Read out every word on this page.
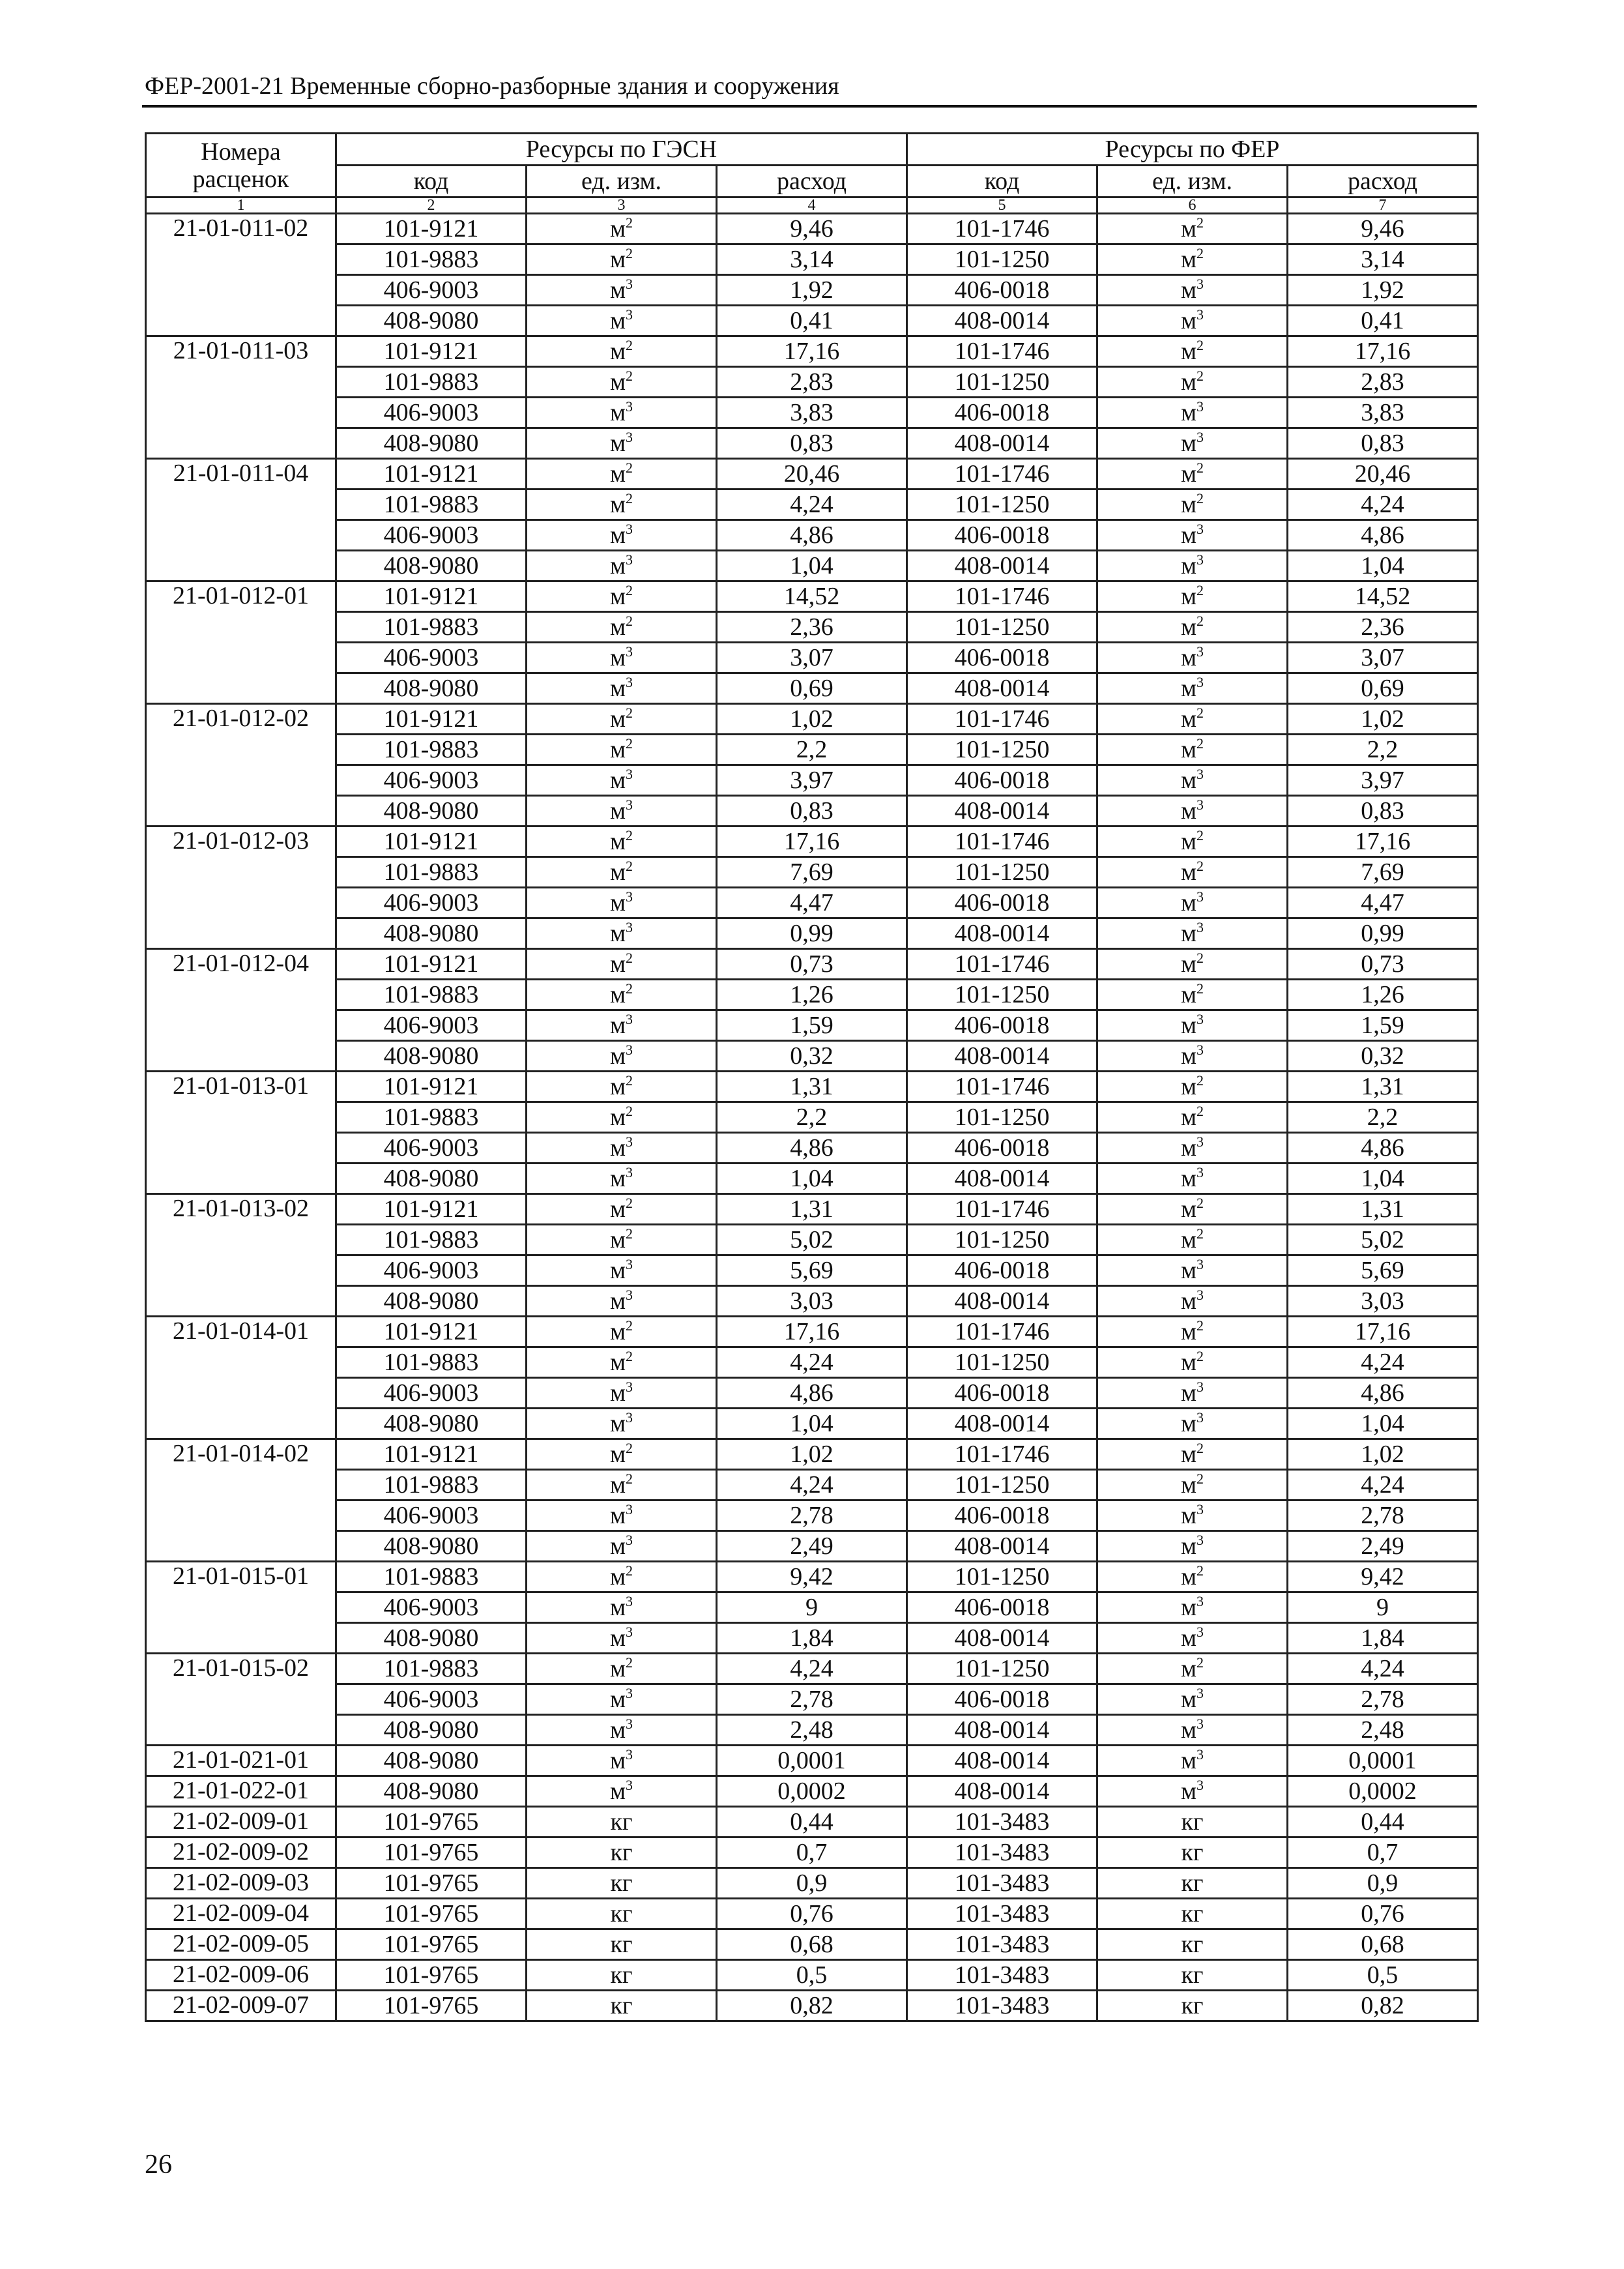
ФЕР-2001-21 Временные сборно-разборные здания и сооружения
Номера
расценок	Ресурсы по ГЭСН			Ресурсы по ФЕР		
	код	ед. изм.	расход	код	ед. изм.	расход
1	2	3	4	5	6	7
21-01-011-02	101-9121	$м^2$	9,46	101-1746	$м^2$	9,46
	101-9883	$м^2$	3,14	101-1250	$м^2$	3,14
	406-9003	$м^3$	1,92	406-0018	$м^3$	1,92
	408-9080	$м^3$	0,41	408-0014	$м^3$	0,41
21-01-011-03	101-9121	$м^2$	17,16	101-1746	$м^2$	17,16
	101-9883	$м^2$	2,83	101-1250	$м^2$	2,83
	406-9003	$м^3$	3,83	406-0018	$м^3$	3,83
	408-9080	$м^3$	0,83	408-0014	$м^3$	0,83
21-01-011-04	101-9121	$м^2$	20,46	101-1746	$м^2$	20,46
	101-9883	$м^2$	4,24	101-1250	$м^2$	4,24
	406-9003	$м^3$	4,86	406-0018	$м^3$	4,86
	408-9080	$м^3$	1,04	408-0014	$м^3$	1,04
21-01-012-01	101-9121	$м^2$	14,52	101-1746	$м^2$	14,52
	101-9883	$м^2$	2,36	101-1250	$м^2$	2,36
	406-9003	$м^3$	3,07	406-0018	$м^3$	3,07
	408-9080	$м^3$	0,69	408-0014	$м^3$	0,69
21-01-012-02	101-9121	$м^2$	1,02	101-1746	$м^2$	1,02
	101-9883	$м^2$	2,2	101-1250	$м^2$	2,2
	406-9003	$м^3$	3,97	406-0018	$м^3$	3,97
	408-9080	$м^3$	0,83	408-0014	$м^3$	0,83
21-01-012-03	101-9121	$м^2$	17,16	101-1746	$м^2$	17,16
	101-9883	$м^2$	7,69	101-1250	$м^2$	7,69
	406-9003	$м^3$	4,47	406-0018	$м^3$	4,47
	408-9080	$м^3$	0,99	408-0014	$м^3$	0,99
21-01-012-04	101-9121	$м^2$	0,73	101-1746	$м^2$	0,73
	101-9883	$м^2$	1,26	101-1250	$м^2$	1,26
	406-9003	$м^3$	1,59	406-0018	$м^3$	1,59
	408-9080	$м^3$	0,32	408-0014	$м^3$	0,32
21-01-013-01	101-9121	$м^2$	1,31	101-1746	$м^2$	1,31
	101-9883	$м^2$	2,2	101-1250	$м^2$	2,2
	406-9003	$м^3$	4,86	406-0018	$м^3$	4,86
	408-9080	$м^3$	1,04	408-0014	$м^3$	1,04
21-01-013-02	101-9121	$м^2$	1,31	101-1746	$м^2$	1,31
	101-9883	$м^2$	5,02	101-1250	$м^2$	5,02
	406-9003	$м^3$	5,69	406-0018	$м^3$	5,69
	408-9080	$м^3$	3,03	408-0014	$м^3$	3,03
21-01-014-01	101-9121	$м^2$	17,16	101-1746	$м^2$	17,16
	101-9883	$м^2$	4,24	101-1250	$м^2$	4,24
	406-9003	$м^3$	4,86	406-0018	$м^3$	4,86
	408-9080	$м^3$	1,04	408-0014	$м^3$	1,04
21-01-014-02	101-9121	$м^2$	1,02	101-1746	$м^2$	1,02
	101-9883	$м^2$	4,24	101-1250	$м^2$	4,24
	406-9003	$м^3$	2,78	406-0018	$м^3$	2,78
	408-9080	$м^3$	2,49	408-0014	$м^3$	2,49
21-01-015-01	101-9883	$м^2$	9,42	101-1250	$м^2$	9,42
	406-9003	$м^3$	9	406-0018	$м^3$	9
	408-9080	$м^3$	1,84	408-0014	$м^3$	1,84
21-01-015-02	101-9883	$м^2$	4,24	101-1250	$м^2$	4,24
	406-9003	$м^3$	2,78	406-0018	$м^3$	2,78
	408-9080	$м^3$	2,48	408-0014	$м^3$	2,48
21-01-021-01	408-9080	$м^3$	0,0001	408-0014	$м^3$	0,0001
21-01-022-01	408-9080	$м^3$	0,0002	408-0014	$м^3$	0,0002
21-02-009-01	101-9765	кг	0,44	101-3483	кг	0,44
21-02-009-02	101-9765	кг	0,7	101-3483	кг	0,7
21-02-009-03	101-9765	кг	0,9	101-3483	кг	0,9
21-02-009-04	101-9765	кг	0,76	101-3483	кг	0,76
21-02-009-05	101-9765	кг	0,68	101-3483	кг	0,68
21-02-009-06	101-9765	кг	0,5	101-3483	кг	0,5
21-02-009-07	101-9765	кг	0,82	101-3483	кг	0,82
26
